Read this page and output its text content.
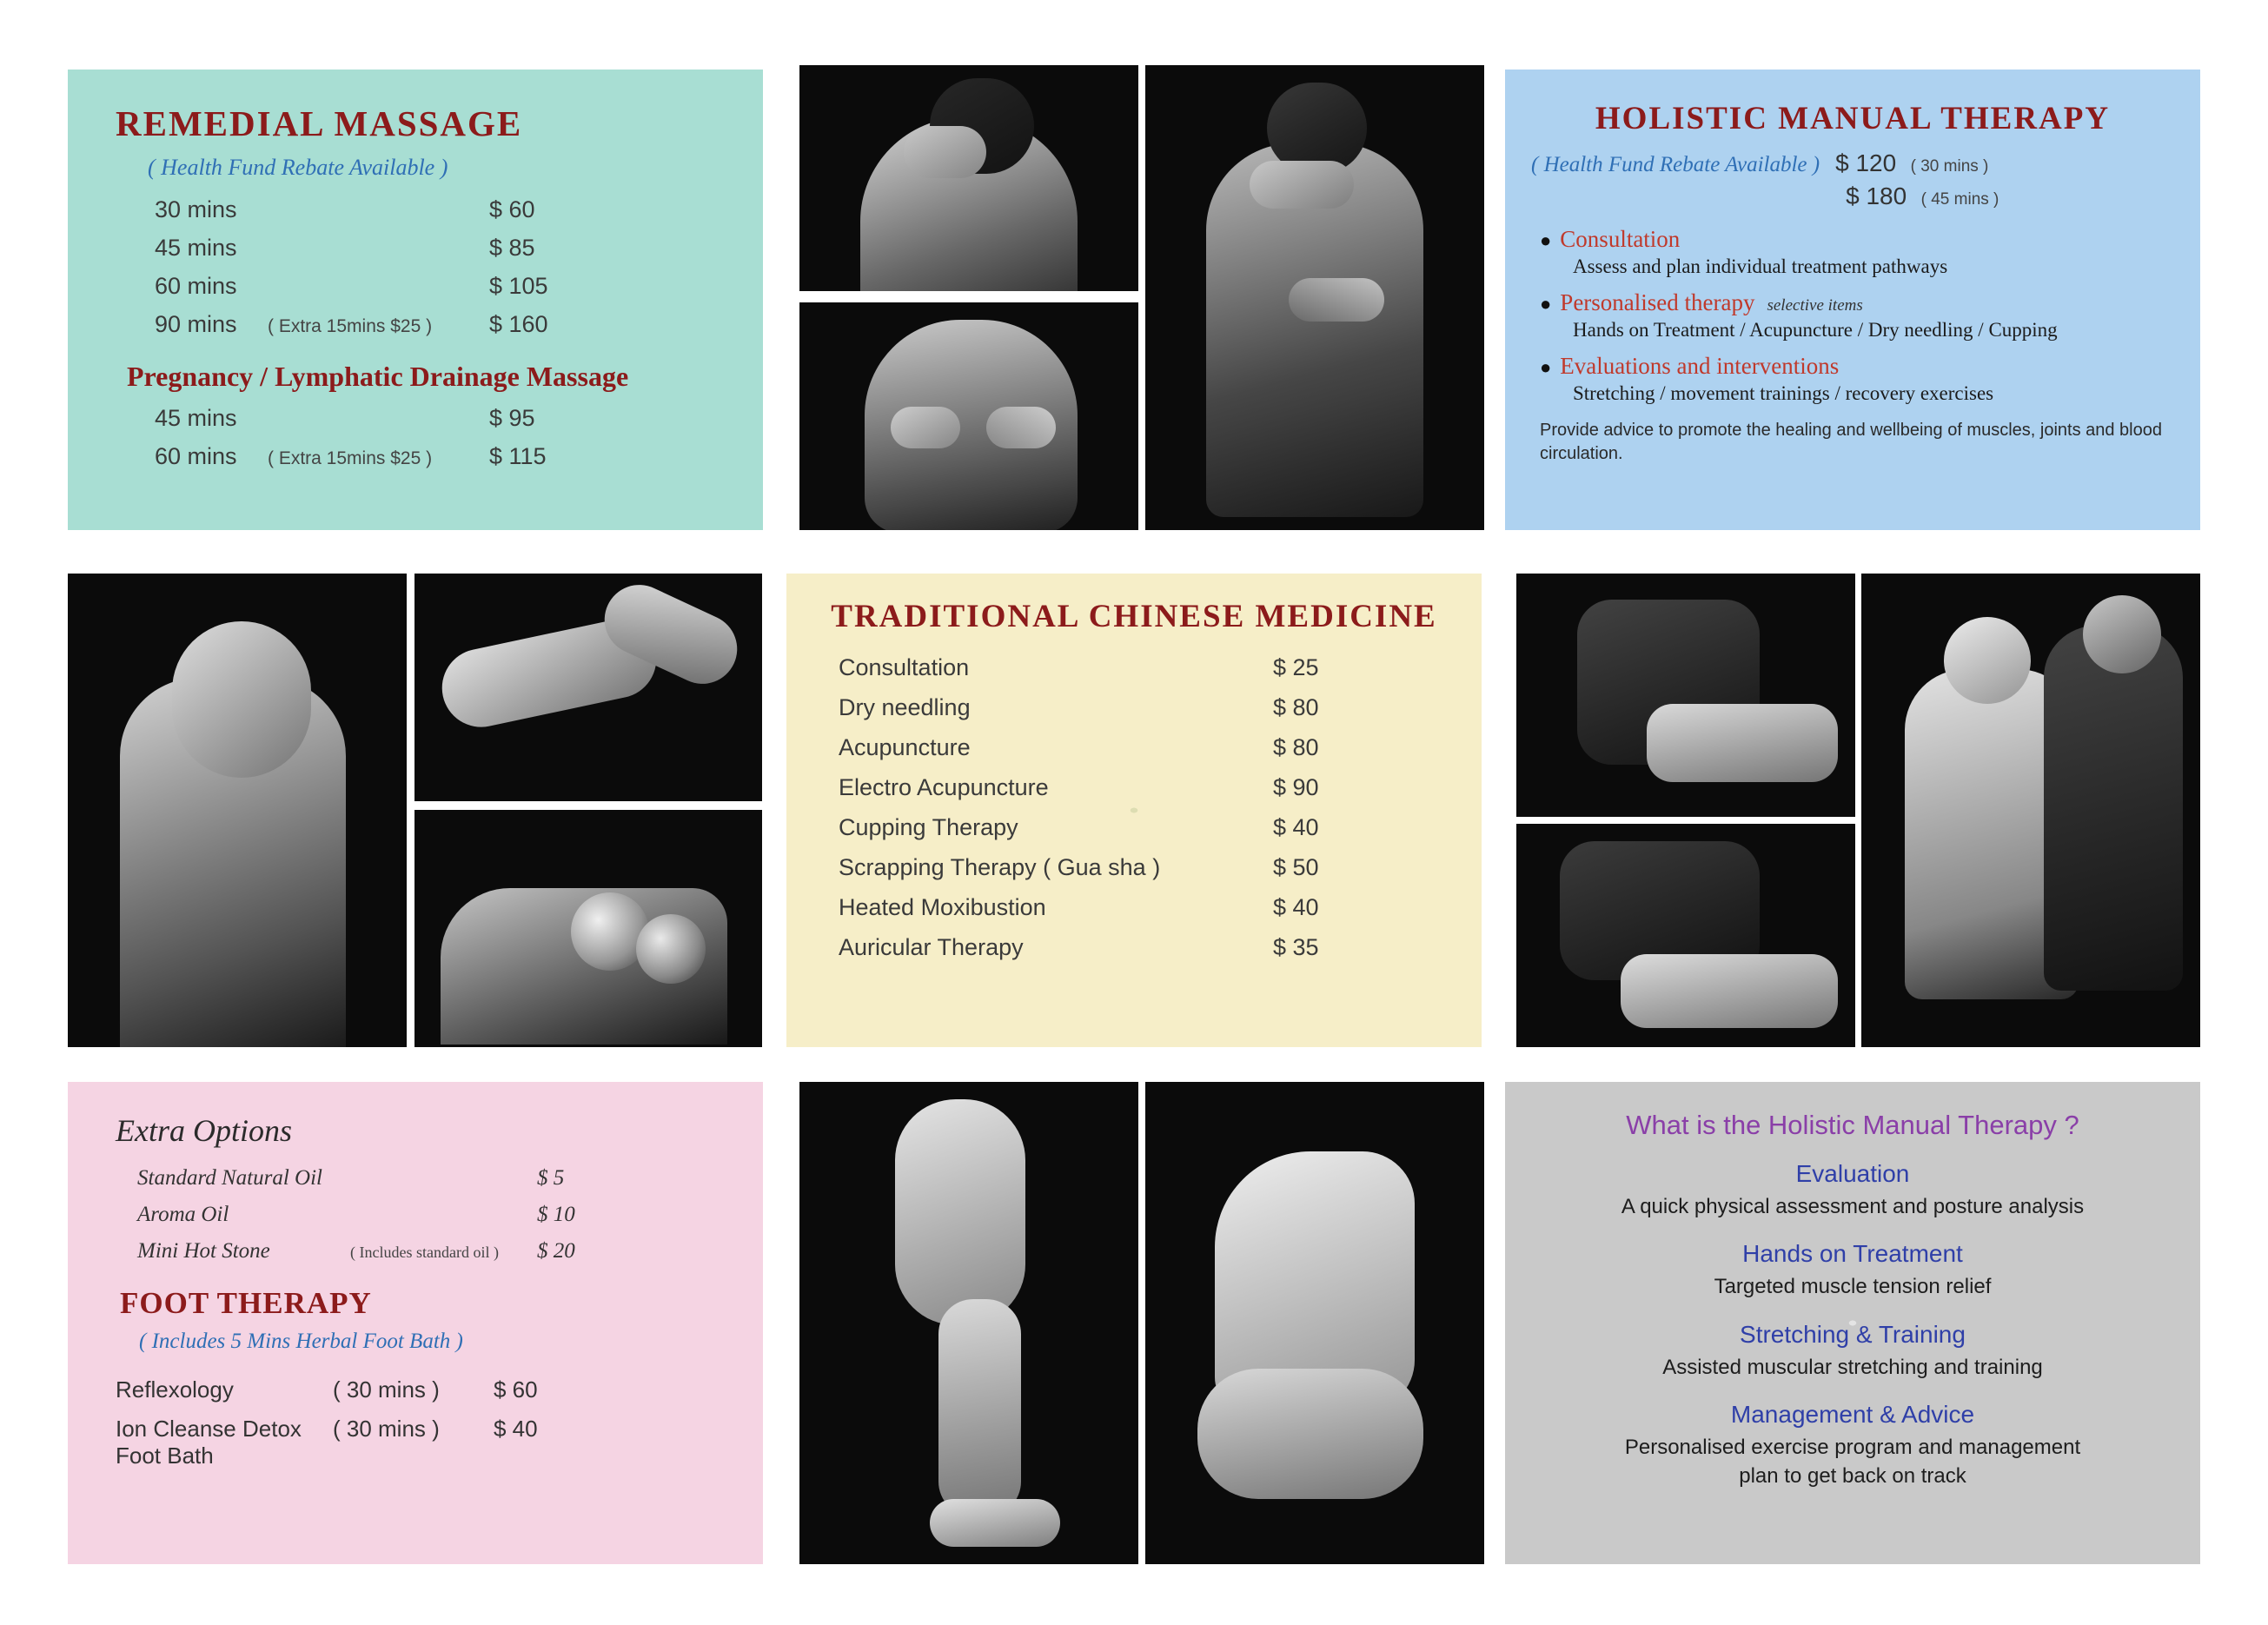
REMEDIAL MASSAGE
( Health Fund Rebate Available )
30 mins	$ 60
45 mins	$ 85
60 mins	$ 105
90 mins	( Extra 15mins $25 )	$ 160
Pregnancy / Lymphatic Drainage Massage
45 mins	$ 95
60 mins	( Extra 15mins $25 )	$ 115
HOLISTIC MANUAL THERAPY
( Health Fund Rebate Available ) $ 120 ( 30 mins )
$ 180 ( 45 mins )
● Consultation
Assess and plan individual treatment pathways
● Personalised therapy selective items
Hands on Treatment / Acupuncture / Dry needling / Cupping
● Evaluations and interventions
Stretching / movement trainings / recovery exercises
Provide advice to promote the healing and wellbeing of muscles, joints and blood circulation.
TRADITIONAL CHINESE MEDICINE
Consultation	$ 25
Dry needling	$ 80
Acupuncture	$ 80
Electro Acupuncture	$ 90
Cupping Therapy	$ 40
Scrapping Therapy ( Gua sha )	$ 50
Heated Moxibustion	$ 40
Auricular Therapy	$ 35
Extra Options
Standard Natural Oil	$ 5
Aroma Oil	$ 10
Mini Hot Stone	( Includes standard oil )	$ 20
FOOT THERAPY
( Includes 5 Mins Herbal Foot Bath )
Reflexology	( 30 mins )	$ 60
Ion Cleanse Detox Foot Bath
( 30 mins )	$ 40
What is the Holistic Manual Therapy ?
Evaluation
A quick physical assessment and posture analysis
Hands on Treatment
Targeted muscle tension relief
Stretching & Training
Assisted muscular stretching and training
Management & Advice
Personalised exercise program and management plan to get back on track
